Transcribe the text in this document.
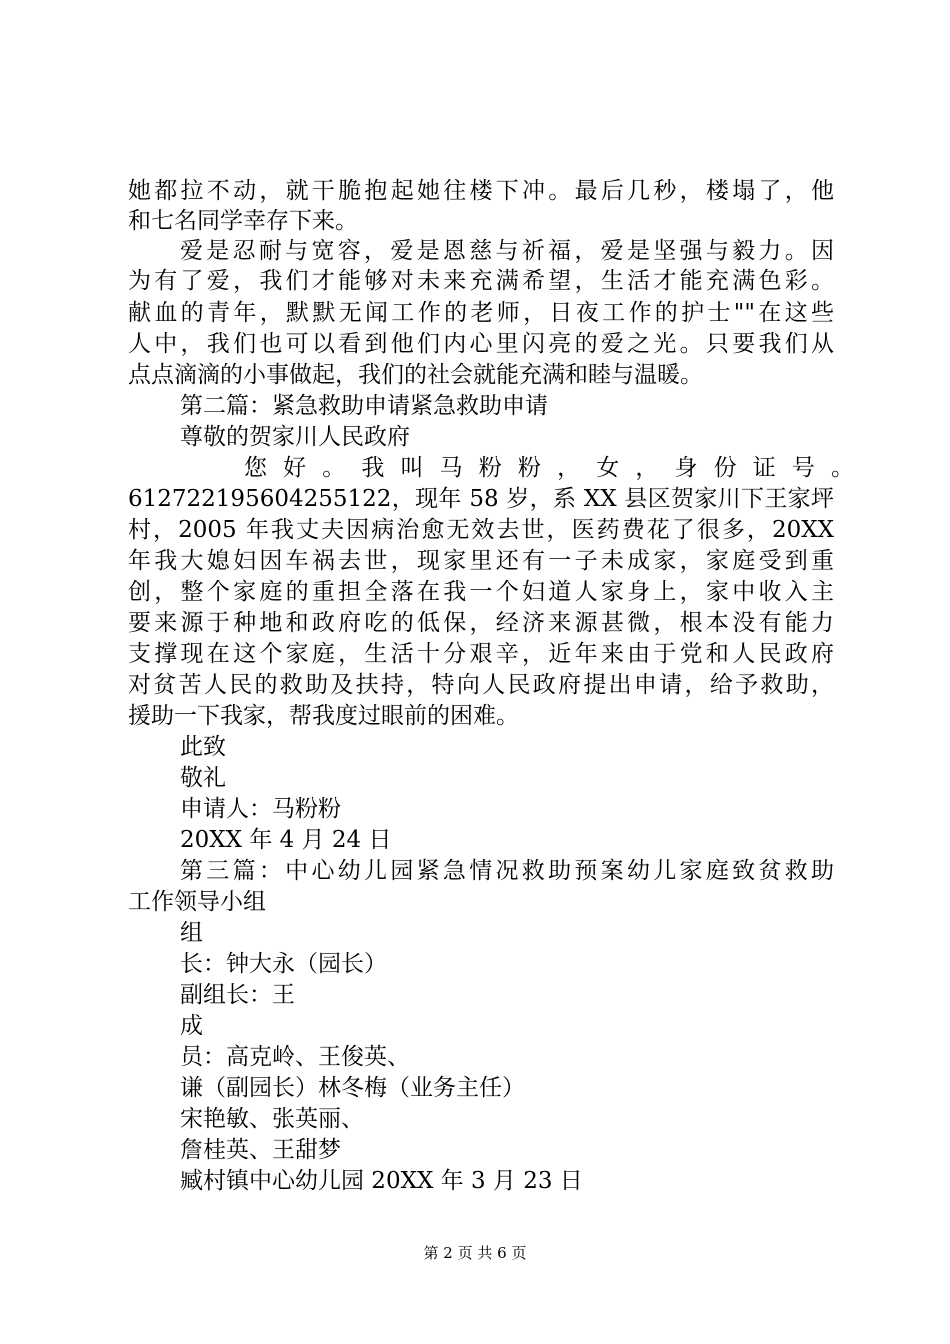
她都拉不动，就干脆抱起她往楼下冲。最后几秒，楼塌了，他
和七名同学幸存下来。
爱是忍耐与宽容，爱是恩慈与祈福，爱是坚强与毅力。因
为有了爱，我们才能够对未来充满希望，生活才能充满色彩。
献血的青年，默默无闻工作的老师，日夜工作的护士""在这些
人中，我们也可以看到他们内心里闪亮的爱之光。只要我们从
点点滴滴的小事做起，我们的社会就能充满和睦与温暖。
第二篇：紧急救助申请紧急救助申请
尊敬的贺家川人民政府
您好。我叫马粉粉，女，身份证号。
612722195604255122，现年 58 岁，系 XX 县区贺家川下王家坪
村，2005 年我丈夫因病治愈无效去世，医药费花了很多，20XX
年我大媳妇因车祸去世，现家里还有一子未成家，家庭受到重
创，整个家庭的重担全落在我一个妇道人家身上，家中收入主
要来源于种地和政府吃的低保，经济来源甚微，根本没有能力
支撑现在这个家庭，生活十分艰辛，近年来由于党和人民政府
对贫苦人民的救助及扶持，特向人民政府提出申请，给予救助，
援助一下我家，帮我度过眼前的困难。
此致
敬礼
申请人：马粉粉
20XX 年 4 月 24 日
第三篇：中心幼儿园紧急情况救助预案幼儿家庭致贫救助
工作领导小组
组
长：钟大永（园长）
副组长：王
成
员：高克岭、王俊英、
谦（副园长）林冬梅（业务主任）
宋艳敏、张英丽、
詹桂英、王甜梦
臧村镇中心幼儿园 20XX 年 3 月 23 日
第 2 页 共 6 页
